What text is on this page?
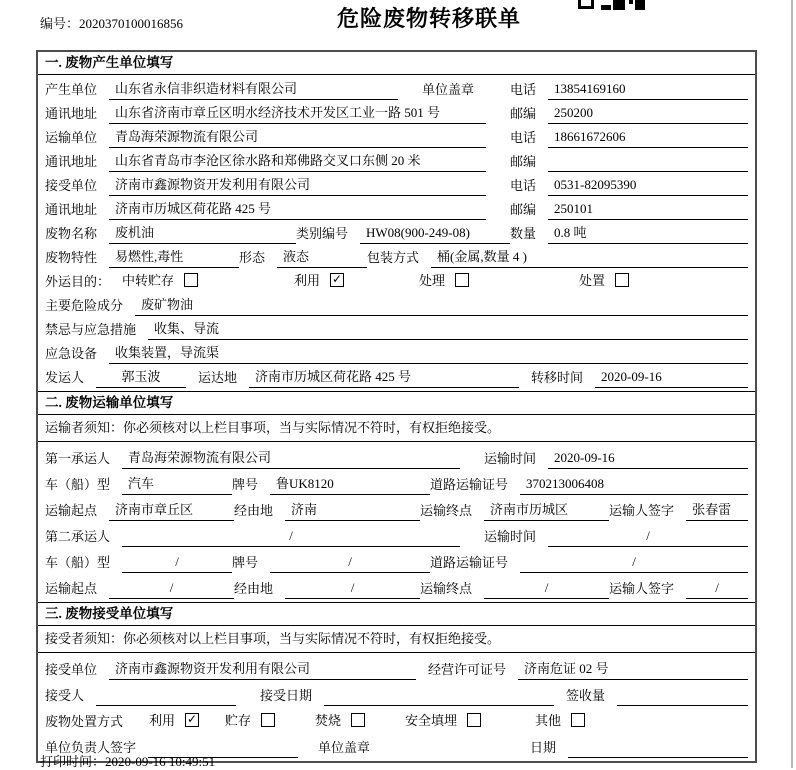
编号：2020370100016856	危险废物转移联单
一. 废物产生单位填写
产生单位	山东省永信非织造材料有限公司	单位盖章	电话	13854169160
通讯地址	山东省济南市章丘区明水经济技术开发区工业一路 501 号	邮编	250200
运输单位	青岛海荣源物流有限公司	电话	18661672606
通讯地址	山东省青岛市李沧区徐水路和郑佛路交叉口东侧 20 米	邮编
接受单位	济南市鑫源物资开发利用有限公司	电话	0531-82095390
通讯地址	济南市历城区荷花路 425 号	邮编	250101
废物名称	废机油	类别编号	HW08(900-249-08)	数量	0.8 吨
废物特性	易燃性,毒性	形态	液态	包装方式	桶(金属,数量 4 )
外运目的： 中转贮存	利用 ✓	处理	处置
主要危险成分	废矿物油
禁忌与应急措施	收集、导流
应急设备	收集装置，导流渠
发运人	郭玉波	运达地	济南市历城区荷花路 425 号	转移时间	2020-09-16
二. 废物运输单位填写
运输者须知：你必须核对以上栏目事项，当与实际情况不符时，有权拒绝接受。
第一承运人	青岛海荣源物流有限公司	运输时间	2020-09-16
车（船）型	汽车	牌号	鲁UK8120	道路运输证号	370213006408
运输起点	济南市章丘区	经由地	济南	运输终点	济南市历城区	运输人签字	张春雷
第二承运人	/	运输时间	/
车（船）型	/	牌号	/	道路运输证号	/
运输起点	/	经由地	/	运输终点	/	运输人签字	/
三. 废物接受单位填写
接受者须知：你必须核对以上栏目事项，当与实际情况不符时，有权拒绝接受。
接受单位	济南市鑫源物资开发利用有限公司	经营许可证号	济南危证 02 号
接受人	接受日期	签收量
废物处置方式 利用 ✓ 贮存	焚烧	安全填埋	其他
单位负责人签字	单位盖章	日期
打印时间：2020-09-16 10:49:51
